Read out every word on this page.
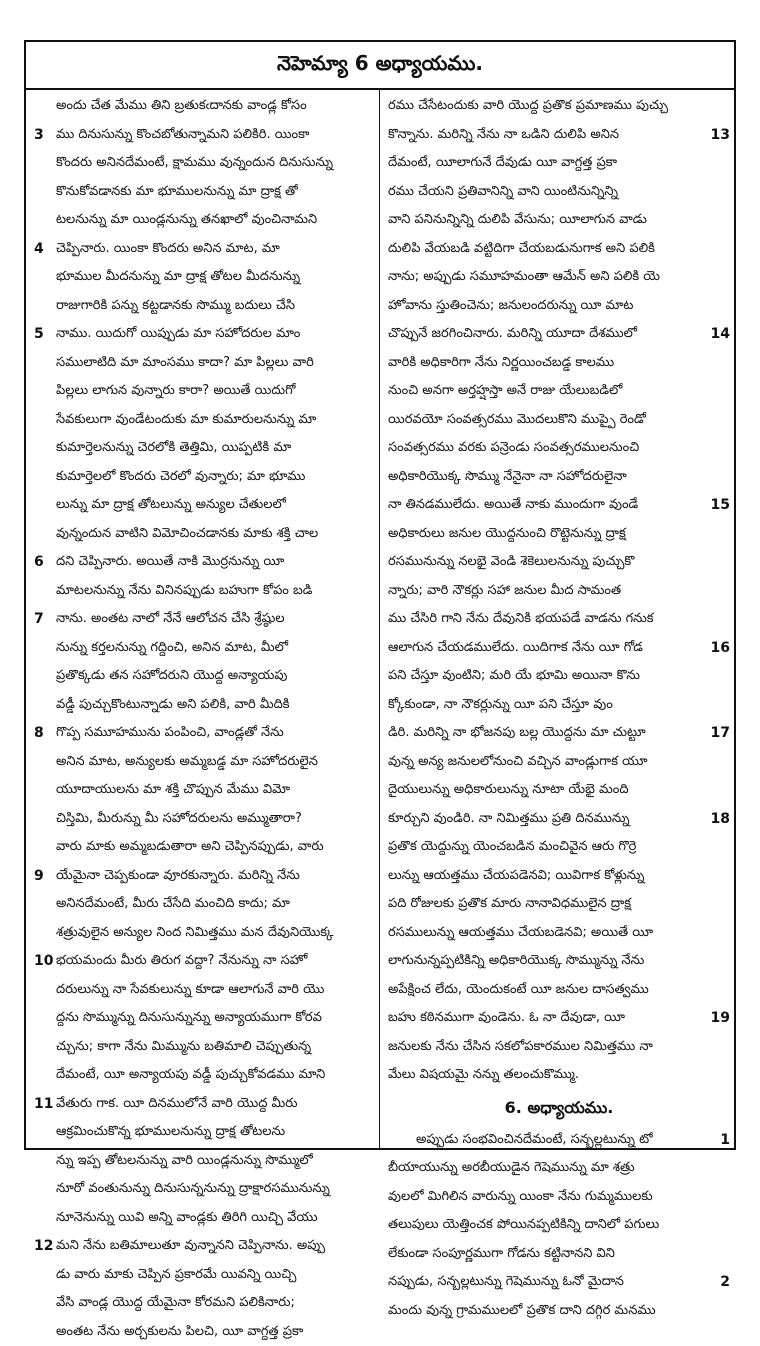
నెహెమ్యా 6 అధ్యాయము.
అందు చేత మేము తిని బ్రతుకఁదానకు వాండ్ల కోసం
3 ము దినుసున్ను కొంచబోతున్నామని పలికిరి. యింకా
కొందరు అనినదేమంటే, క్షామము వున్నందున దినుసున్ను
కొనుకోవడానకు మా భూములనున్ను మా ద్రాక్ష తో
టలనున్ను మా యిండ్లనున్ను తనఖాలో వుంచినామని
4 చెప్పినారు. యింకా కొందరు అనిన మాట, మా
భూముల మీదనున్ను మా ద్రాక్ష తోటల మీదనున్ను
రాజుగారికి పన్ను కట్టడానకు సొమ్ము బదులు చేసి
5 నాము. యిదుగో యిప్పుడు మా సహోదరుల మాం
సములాటిది మా మాంసము కాదా? మా పిల్లలు వారి
పిల్లలు లాగున వున్నారు కారా? అయితే యిదుగో
సేవకులుగా వుండేటందుకు మా కుమారులనున్ను మా
కుమార్తెలనున్ను చెరలోకి తెత్తిమి, యిప్పటికి మా
కుమార్తెలలో కొందరు చెరలో వున్నారు; మా భూము
లున్ను మా ద్రాక్ష తోటలున్ను అన్యుల చేతులలో
వున్నందున వాటిని విమోచించడానకు మాకు శక్తి చాల
6 దని చెప్పినారు. అయితే నాకి మొర్రనున్ను యీ
మాటలనున్ను నేను వినినప్పుడు బహుగా కోపం బడి
7 నాను. అంతట నాలో నేనే ఆలోచన చేసి శ్రేష్ఠుల
నున్ను కర్తలనున్ను గద్దించి, అనిన మాట, మీలో
ప్రతొక్కడు తన సహోదరుని యొద్ద అన్యాయపు
వడ్డీ పుచ్చుకొంటున్నాడు అని పలికి, వారి మీదికి
8 గొప్ప సమూహమును పంపించి, వాండ్లతో నేను
అనిన మాట, అన్యులకు అమ్మబడ్డ మా సహోదరులైన
యూదాయులను మా శక్తి చొప్పున మేము విమో
చిస్తిమి, మీరున్ను మీ సహోదరులను అమ్ముతారా?
వారు మాకు అమ్మబడుతారా అని చెప్పినప్పుడు, వారు
9 యేమైనా చెప్పకుండా వూరకున్నారు. మరిన్ని నేను
అనినదేమంటే, మీరు చేసేది మంచిది కాదు; మా
శత్రువులైన అన్యుల నింద నిమిత్తము మన దేవునియొక్క
10 భయమందు మీరు తిరుగ వద్దా? నేనున్ను నా సహో
దరులున్ను నా సేవకులున్ను కూడా ఆలాగునే వారి యొ
ద్దను సొమ్మున్ను దినుసున్నున్ను అన్యాయముగా కోరవ
చ్చును; కాగా నేను మిమ్మును బతిమాలి చెప్పుతున్న
దేమంటే, యీ అన్యాయపు వడ్డీ పుచ్చుకోవడము మాని
11 వేతురు గాక. యీ దినములోనే వారి యొద్ద మీరు
ఆక్రమించుకొన్న భూములనున్ను ద్రాక్ష తోటలను
న్ను ఇప్ప తోటలనున్ను వారి యిండ్లనున్ను సొమ్ములో
నూరో వంతునున్ను దినుసున్ననున్ను ద్రాక్షారసమునున్ను
నూనెనున్ను యివి అన్ని వాండ్లకు తిరిగి యిచ్చి వేయు
12 మని నేను బతిమాలుతూ వున్నానని చెప్పినాను. అప్పు
డు వారు మాకు చెప్పిన ప్రకారమే యివన్ని యిచ్చి
వేసి వాండ్ల యొద్ద యేమైనా కోరమని పలికినారు;
అంతట నేను అర్చకులను పిలచి, యీ వాగ్దత్త ప్రకా
రము చేసేటందుకు వారి యొద్ద ప్రతొక ప్రమాణము పుచ్చు
13
కొన్నాను. మరిన్ని నేను నా ఒడిని దులిపి అనిన
దేమంటే, యీలాగునే దేవుడు యీ వాగ్దత్త ప్రకా
రము చేయని ప్రతివానిన్ని వాని యింటినున్నిన్ని
వాని పనినున్నిన్ని దులిపి వేసును; యీలాగున వాడు
దులిపి వేయబడి వట్టిదిగా చేయబడునుగాక అని పలికి
నాను; అప్పుడు సమూహమంతా ఆమేన్ అని పలికి యె
హోవాను స్తుతించెను; జనులందరున్ను యీ మాట
14
చొప్పునే జరగించినారు. మరిన్ని యూదా దేశములో
వారికి అధికారిగా నేను నిర్ణయించబడ్డ కాలము
నుంచి అనగా అర్తహ్షస్తా అనే రాజు యేలుబడిలో
యిరవయో సంవత్సరము మొదలుకొని ముప్పై రెండో
సంవత్సరము వరకు పన్రెండు సంవత్సరములనుంచి
అధికారియొక్క సొమ్ము నేనైనా నా సహోదరులైనా
15
నా తినడములేదు. అయితే నాకు ముందుగా వుండే
అధికారులు జనుల యొద్దనుంచి రొట్టెనున్ను ద్రాక్ష
రసమునున్ను నలభై వెండి శెకెలులనున్ను పుచ్చుకొ
న్నారు; వారి నౌకర్లు సహా జనుల మీద సామంత
ము చేసిరి గాని నేను దేవునికి భయపడే వాడను గనుక
16
ఆలాగున చేయడములేదు. యిదిగాక నేను యీ గోడ
పని చేస్తూ వుంటిని; మరి యే భూమి అయినా కొను
క్కోకుండా, నా నౌకర్లున్ను యీ పని చేస్తూ వుం
17
డిరి. మరిన్ని నా భోజనపు బల్ల యొద్దను మా చుట్టూ
వున్న అన్య జనులలోనుంచి వచ్చిన వాండ్లుగాక యూ
దైయులున్ను అధికారులున్ను నూటా యేభై మంది
18
కూర్చుని వుండిరి. నా నిమిత్తము ప్రతి దినమున్ను
ప్రతొక యెద్దున్ను యెంచబడిన మంచివైన ఆరు గొర్రె
లున్ను ఆయత్తము చేయపడెనవి; యివిగాక కోళ్లున్ను
పది రోజులకు ప్రతొక మారు నానావిధములైన ద్రాక్ష
రసములున్ను ఆయత్తము చేయబడెనవి; అయితే యీ
లాగునున్నప్పటికిన్ని అధికారియొక్క సొమ్మున్ను నేను
అపేక్షించ లేదు, యెందుకంటే యీ జనుల దాసత్వము
19
బహు కఠినముగా వుండెను. ఓ నా దేవుడా, యీ
జనులకు నేను చేసిన సకలోపకారముల నిమిత్తము నా
మేలు విషయమై నన్ను తలంచుకొమ్ము.
6. అధ్యాయము.
1
అప్పుడు సంభవించినదేమంటే, సన్బల్లటున్ను టో
బీయాయున్ను అరబీయుడైన గెషెమున్ను మా శత్రు
వులలో మిగిలిన వారున్ను యింకా నేను గుమ్మములకు
తలుపులు యెత్తించక పోయినప్పటికిన్ని దానిలో పగులు
లేకుండా సంపూర్ణముగా గోడను కట్టినానని విని
2
నప్పుడు, సన్బల్లటున్ను గెషెమున్ను ఓనో మైదాన
మందు వున్న గ్రామములలో ప్రతొక దాని దగ్గిర మనము
